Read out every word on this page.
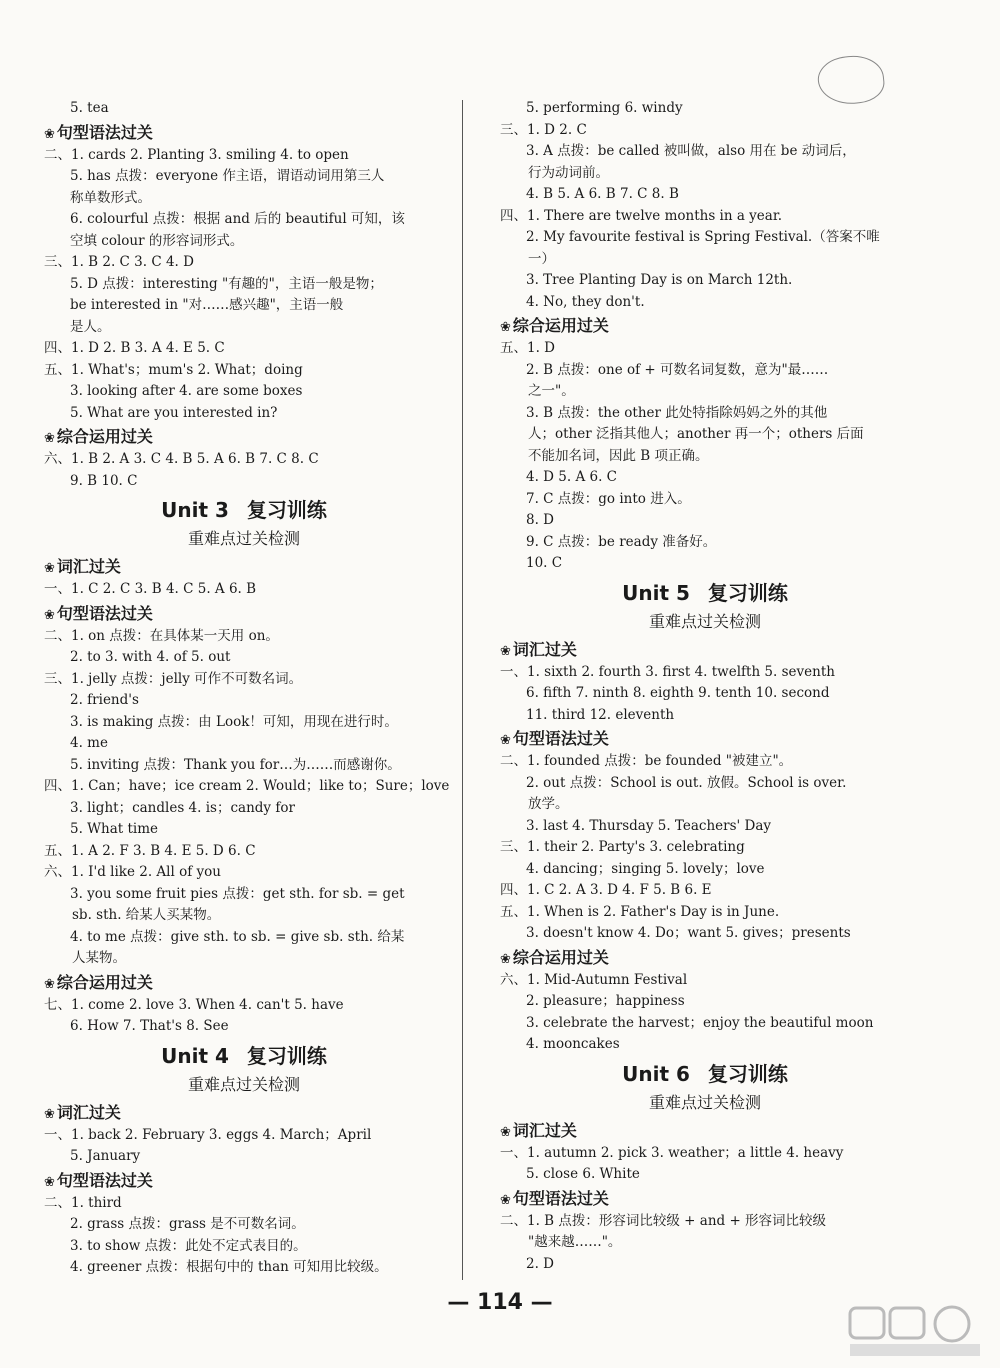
5. tea
❀ 句型语法过关
二、1. cards 2. Planting 3. smiling 4. to open
5. has 点拨：everyone 作主语，谓语动词用第三人
称单数形式。
6. colourful 点拨：根据 and 后的 beautiful 可知，该
空填 colour 的形容词形式。
三、1. B 2. C 3. C 4. D
5. D 点拨：interesting "有趣的"，主语一般是物；
be interested in "对……感兴趣"，主语一般
是人。
四、1. D 2. B 3. A 4. E 5. C
五、1. What's；mum's 2. What；doing
3. looking after 4. are some boxes
5. What are you interested in?
❀ 综合运用过关
六、1. B 2. A 3. C 4. B 5. A 6. B 7. C 8. C
9. B 10. C
Unit 3 复习训练
重难点过关检测
❀ 词汇过关
一、1. C 2. C 3. B 4. C 5. A 6. B
❀ 句型语法过关
二、1. on 点拨：在具体某一天用 on。
2. to 3. with 4. of 5. out
三、1. jelly 点拨：jelly 可作不可数名词。
2. friend's
3. is making 点拨：由 Look！可知，用现在进行时。
4. me
5. inviting 点拨：Thank you for…为……而感谢你。
四、1. Can；have；ice cream 2. Would；like to；Sure；love
3. light；candles 4. is；candy for
5. What time
五、1. A 2. F 3. B 4. E 5. D 6. C
六、1. I'd like 2. All of you
3. you some fruit pies 点拨：get sth. for sb. = get
sb. sth. 给某人买某物。
4. to me 点拨：give sth. to sb. = give sb. sth. 给某
人某物。
❀ 综合运用过关
七、1. come 2. love 3. When 4. can't 5. have
6. How 7. That's 8. See
Unit 4 复习训练
重难点过关检测
❀ 词汇过关
一、1. back 2. February 3. eggs 4. March；April
5. January
❀ 句型语法过关
二、1. third
2. grass 点拨：grass 是不可数名词。
3. to show 点拨：此处不定式表目的。
4. greener 点拨：根据句中的 than 可知用比较级。
5. performing 6. windy
三、1. D 2. C
3. A 点拨：be called 被叫做，also 用在 be 动词后，
行为动词前。
4. B 5. A 6. B 7. C 8. B
四、1. There are twelve months in a year.
2. My favourite festival is Spring Festival.（答案不唯
一）
3. Tree Planting Day is on March 12th.
4. No, they don't.
❀ 综合运用过关
五、1. D
2. B 点拨：one of + 可数名词复数，意为"最……
之一"。
3. B 点拨：the other 此处特指除妈妈之外的其他
人；other 泛指其他人；another 再一个；others 后面
不能加名词，因此 B 项正确。
4. D 5. A 6. C
7. C 点拨：go into 进入。
8. D
9. C 点拨：be ready 准备好。
10. C
Unit 5 复习训练
重难点过关检测
❀ 词汇过关
一、1. sixth 2. fourth 3. first 4. twelfth 5. seventh
6. fifth 7. ninth 8. eighth 9. tenth 10. second
11. third 12. eleventh
❀ 句型语法过关
二、1. founded 点拨：be founded "被建立"。
2. out 点拨：School is out. 放假。School is over.
放学。
3. last 4. Thursday 5. Teachers' Day
三、1. their 2. Party's 3. celebrating
4. dancing；singing 5. lovely；love
四、1. C 2. A 3. D 4. F 5. B 6. E
五、1. When is 2. Father's Day is in June.
3. doesn't know 4. Do；want 5. gives；presents
❀ 综合运用过关
六、1. Mid-Autumn Festival
2. pleasure；happiness
3. celebrate the harvest；enjoy the beautiful moon
4. mooncakes
Unit 6 复习训练
重难点过关检测
❀ 词汇过关
一、1. autumn 2. pick 3. weather；a little 4. heavy
5. close 6. White
❀ 句型语法过关
二、1. B 点拨：形容词比较级 + and + 形容词比较级
"越来越……"。
2. D
— 114 —
